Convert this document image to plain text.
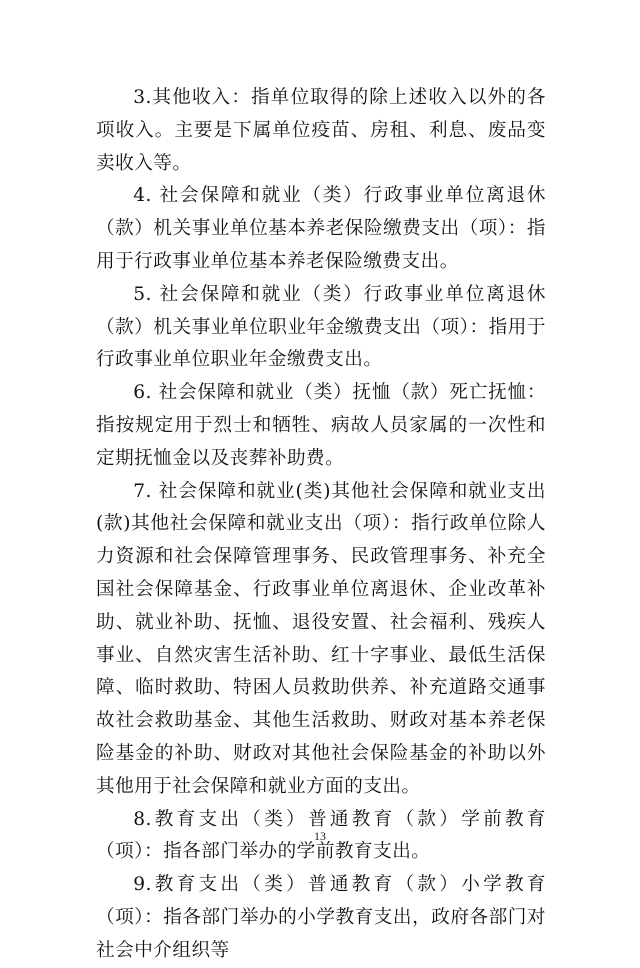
3.其他收入：指单位取得的除上述收入以外的各项收入。主要是下属单位疫苗、房租、利息、废品变卖收入等。

4. 社会保障和就业（类）行政事业单位离退休（款）机关事业单位基本养老保险缴费支出（项）：指用于行政事业单位基本养老保险缴费支出。

5. 社会保障和就业（类）行政事业单位离退休（款）机关事业单位职业年金缴费支出（项）：指用于行政事业单位职业年金缴费支出。

6. 社会保障和就业（类）抚恤（款）死亡抚恤：指按规定用于烈士和牺牲、病故人员家属的一次性和定期抚恤金以及丧葬补助费。

7. 社会保障和就业(类)其他社会保障和就业支出(款)其他社会保障和就业支出（项）：指行政单位除人力资源和社会保障管理事务、民政管理事务、补充全国社会保障基金、行政事业单位离退休、企业改革补助、就业补助、抚恤、退役安置、社会福利、残疾人事业、自然灾害生活补助、红十字事业、最低生活保障、临时救助、特困人员救助供养、补充道路交通事故社会救助基金、其他生活救助、财政对基本养老保险基金的补助、财政对其他社会保险基金的补助以外其他用于社会保障和就业方面的支出。

8.教育支出（类）普通教育（款）学前教育（项）：指各部门举办的学前教育支出。

9.教育支出（类）普通教育（款）小学教育（项）：指各部门举办的小学教育支出，政府各部门对社会中介组织等

13
